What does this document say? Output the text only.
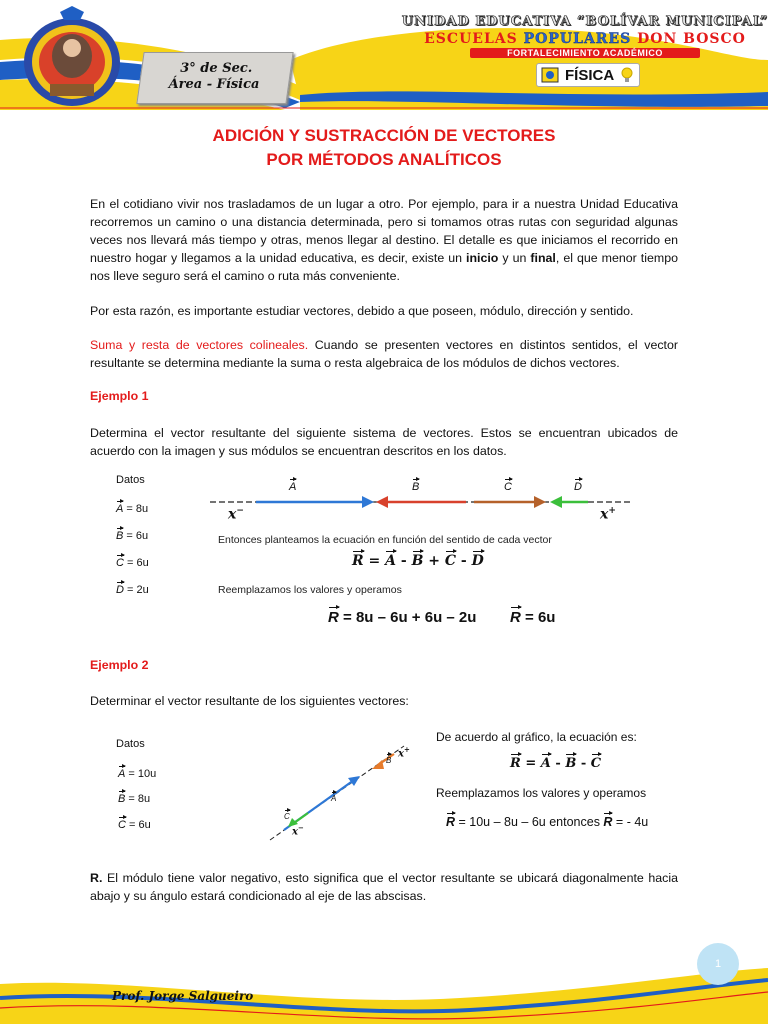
UNIDAD EDUCATIVA “BOLÍVAR MUNICIPAL”
ESCUELAS POPULARES DON BOSCO
FORTALECIMIENTO ACADÉMICO
FÍSICA
3° de Sec.
Área - Física
ADICIÓN Y SUSTRACCIÓN DE VECTORES
POR MÉTODOS ANALÍTICOS
En el cotidiano vivir nos trasladamos de un lugar a otro. Por ejemplo, para ir a nuestra Unidad Educativa recorremos un camino o una distancia determinada, pero si tomamos otras rutas con seguridad algunas veces nos llevará más tiempo y otras, menos llegar al destino. El detalle es que iniciamos el recorrido en nuestro hogar y llegamos a la unidad educativa, es decir, existe un inicio y un final, el que menor tiempo nos lleve seguro será el camino o ruta más conveniente.
Por esta razón, es importante estudiar vectores, debido a que poseen, módulo, dirección y sentido.
Suma y resta de vectores colineales. Cuando se presenten vectores en distintos sentidos, el vector resultante se determina mediante la suma o resta algebraica de los módulos de dichos vectores.
Ejemplo 1
Determina el vector resultante del siguiente sistema de vectores. Estos se encuentran ubicados de acuerdo con la imagen y sus módulos se encuentran descritos en los datos.
Datos
A = 8u
B = 6u
C = 6u
D = 2u
A	B	C	D
x−	x+
Entonces planteamos la ecuación en función del sentido de cada vector
R = A - B + C - D
Reemplazamos los valores y operamos
R = 8u – 6u + 6u – 2u R = 6u
Ejemplo 2
Determinar el vector resultante de los siguientes vectores:
Datos
A = 10u
B = 8u
C = 6u
A
B
C
x+
x−
De acuerdo al gráfico, la ecuación es:
R = A - B - C
Reemplazamos los valores y operamos
R = 10u – 8u – 6u entonces R = - 4u
R. El módulo tiene valor negativo, esto significa que el vector resultante se ubicará diagonalmente hacia abajo y su ángulo estará condicionado al eje de las abscisas.
1
Prof. Jorge Salgueiro
